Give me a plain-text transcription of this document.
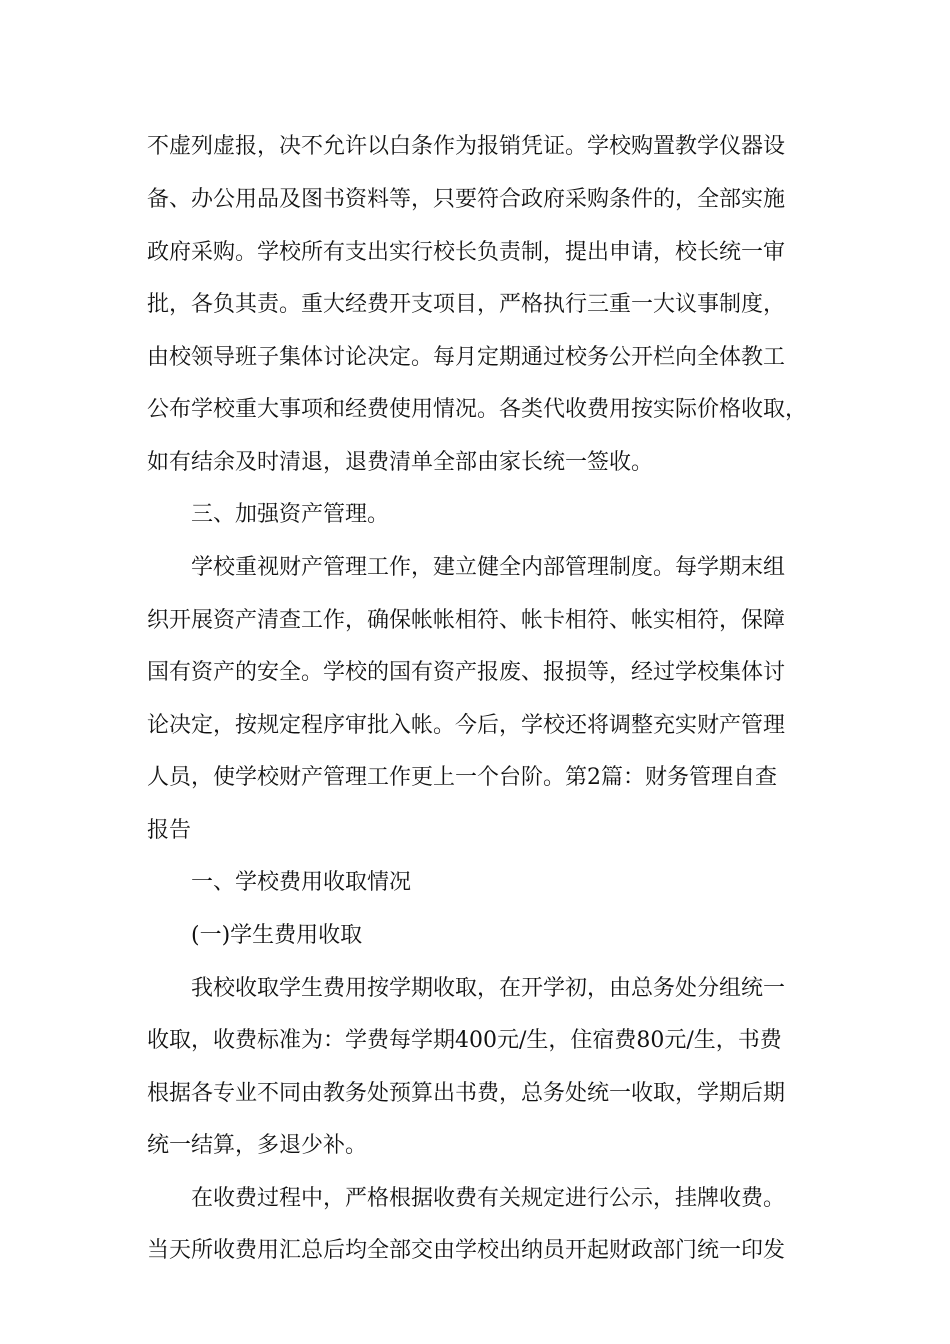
不虚列虚报，决不允许以白条作为报销凭证。学校购置教学仪器设

备、办公用品及图书资料等，只要符合政府采购条件的，全部实施

政府采购。学校所有支出实行校长负责制，提出申请，校长统一审

批，各负其责。重大经费开支项目，严格执行三重一大议事制度，

由校领导班子集体讨论决定。每月定期通过校务公开栏向全体教工

公布学校重大事项和经费使用情况。各类代收费用按实际价格收取，

如有结余及时清退，退费清单全部由家长统一签收。

三、加强资产管理。

学校重视财产管理工作，建立健全内部管理制度。每学期末组

织开展资产清查工作，确保帐帐相符、帐卡相符、帐实相符，保障

国有资产的安全。学校的国有资产报废、报损等，经过学校集体讨

论决定，按规定程序审批入帐。今后，学校还将调整充实财产管理

人员，使学校财产管理工作更上一个台阶。第2篇：财务管理自查

报告

一、学校费用收取情况

(一)学生费用收取

我校收取学生费用按学期收取，在开学初，由总务处分组统一

收取，收费标准为：学费每学期400元/生，住宿费80元/生，书费

根据各专业不同由教务处预算出书费，总务处统一收取，学期后期

统一结算，多退少补。

在收费过程中，严格根据收费有关规定进行公示，挂牌收费。

当天所收费用汇总后均全部交由学校出纳员开起财政部门统一印发
